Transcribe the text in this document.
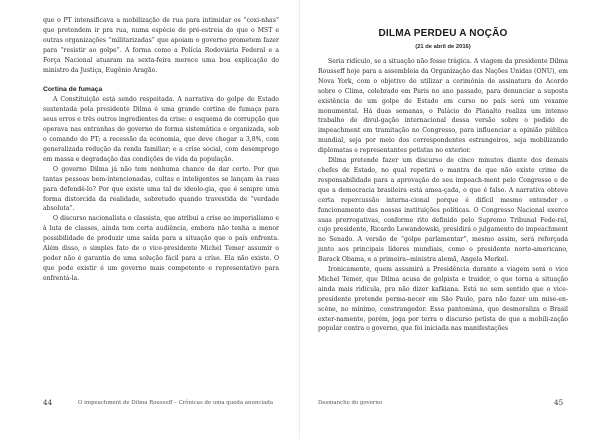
que o PT intensificava a mobilização de rua para intimidar os “coxi-nhas” que pretendem ir pra rua, numa espécie de pré-estreia do que o MST e outras organizações “militarizadas” que apoiam o governo prometem fazer para “resistir ao golpe”. A forma como a Polícia Rodoviária Federal e a Força Nacional atuaram na sexta-feira merece uma boa explicação do ministro da Justiça, Eugênio Aragão.

Cortina de fumaça

A Constituição está sendo respeitada. A narrativa do golpe de Estado sustentada pela presidente Dilma é uma grande cortina de fumaça para seus erros e três outros ingredientes da crise: o esquema de corrupção que operava nas entranhas do governo de forma sistemática e organizada, sob o comando do PT; a recessão da economia, que deve chegar a 3,8%, com generalizada redução da renda familiar; e a crise social, com desemprego em massa e degradação das condições de vida da população.

O governo Dilma já não tem nenhuma chance de dar certo. Por que tantas pessoas bem-intencionadas, cultas e inteligentes se lançam às ruas para defendê-lo? Por que existe uma tal de ideolo-gia, que é sempre uma forma distorcida da realidade, sobretudo quando travestida de “verdade absoluta”.

O discurso nacionalista e classista, que atribui a crise ao imperialismo e à luta de classes, ainda tem certa audiência, embora não tenha a menor possibilidade de produzir uma saída para a situação que o país enfrenta. Além disso, o simples fato de o vice-presidente Michel Temer assumir o poder não é garantia de uma solução fácil para a crise. Ela não existe. O que pode existir é um governo mais competente e representativo para enfrentá-la.

44	O impeachment de Dilma Rousseff – Crônicas de uma queda anunciada
DILMA PERDEU A NOÇÃO
(21 de abril de 2016)

Seria ridículo, se a situação não fosse trágica. A viagem da presidente Dilma Rousseff hoje para a assembleia da Organização das Nações Unidas (ONU), em Nova York, com o objetivo de utilizar a cerimônia de assinatura do Acordo sobre o Clima, celebrado em Paris no ano passado, para denunciar a suposta existência de um golpe de Estado em curso no país será um vexame monumental. Há duas semanas, o Palácio do Planalto realiza um intenso trabalho de divul-gação internacional dessa versão sobre o pedido de impeachment em tramitação no Congresso, para influenciar a opinião pública mundial, seja por meio dos correspondentes estrangeiros, seja mobilizando diplomatas e representantes petistas no exterior.

Dilma pretende fazer um discurso de cinco minutos diante dos demais chefes de Estado, no qual repetirá o mantra de que não existe crime de responsabilidade para a aprovação do seu impeach-ment pelo Congresso e de que a democracia brasileira está amea-çada, o que é falso. A narrativa obteve certa repercussão interna-cional porque é difícil mesmo entender o funcionamento das nossas instituições políticas. O Congresso Nacional exerce suas prerrogativas, conforme rito definido pelo Supremo Tribunal Fede-ral, cujo presidente, Ricardo Lewandowski, presidirá o julgamento do impeachment no Senado. A versão de “golpe parlamentar”, mesmo assim, será reforçada junto aos principais líderes mundiais, como o presidente norte-americano, Barack Obama, e a primeira--ministra alemã, Angela Merkel.

Ironicamente, quem assumirá a Presidência durante a viagem será o vice Michel Temer, que Dilma acusa de golpista e traidor, o que torna a situação ainda mais ridícula, pra não dizer kafkiana. Está no sem sentido que o vice-presidente pretende perma-necer em São Paulo, para não fazer um mise-en-scène, no mínimo, constrangedor. Essa pantomima, que desmoraliza o Brasil exter-namente, porém, joga por terra o discurso petista de que a mobili-zação popular contra o governo, que foi iniciada nas manifestações

Desmanche do governo	45
